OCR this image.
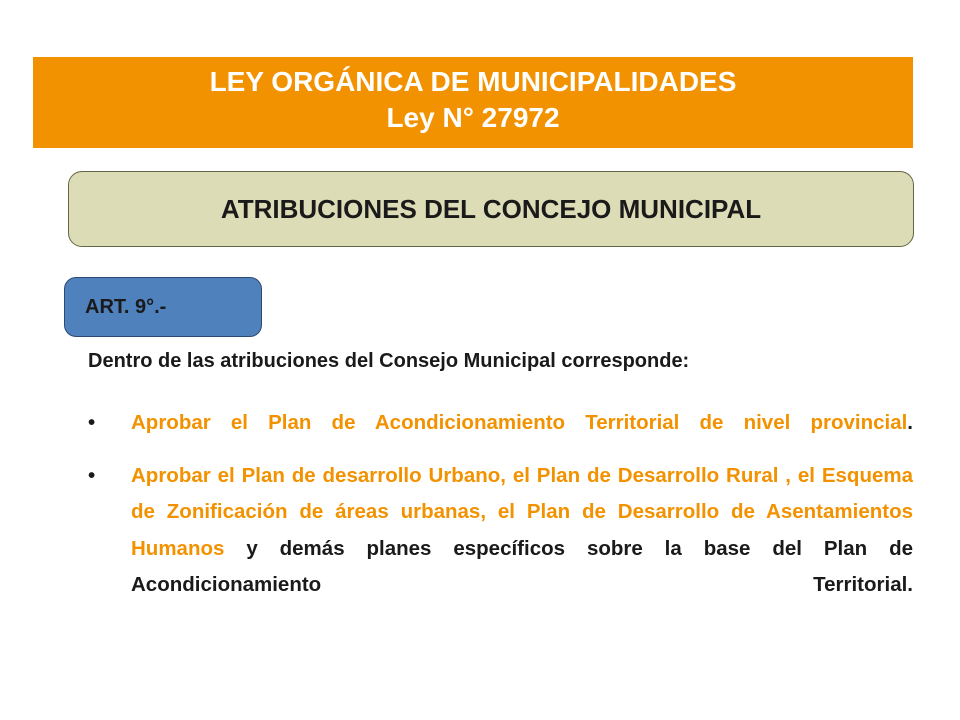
LEY ORGÁNICA DE MUNICIPALIDADES
Ley N° 27972
ATRIBUCIONES DEL CONCEJO MUNICIPAL
ART. 9°.-
Dentro de las atribuciones del Consejo Municipal corresponde:
• Aprobar el Plan de Acondicionamiento Territorial de nivel provincial.
• Aprobar el Plan de desarrollo Urbano, el Plan de Desarrollo Rural , el Esquema de Zonificación de áreas urbanas, el Plan de Desarrollo de Asentamientos Humanos y demás planes específicos sobre la base del Plan de Acondicionamiento Territorial.
